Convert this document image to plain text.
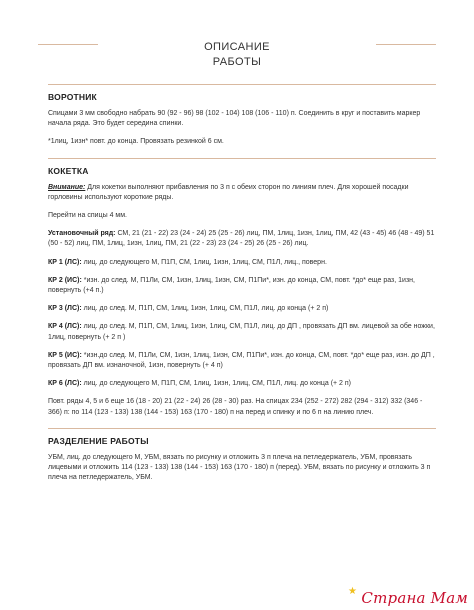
ОПИСАНИЕ
РАБОТЫ
ВОРОТНИК
Спицами 3 мм свободно набрать 90 (92 - 96) 98 (102 - 104) 108 (106 - 110) п. Соединить в круг и поставить маркер начала ряда. Это будет середина спинки.
*1лиц, 1изн* повт. до конца. Провязать резинкой 6 см.
КОКЕТКА
Внимание: Для кокетки выполняют прибавления по 3 п с обеих сторон по линиям плеч. Для хорошей посадки горловины используют короткие ряды.
Перейти на спицы 4 мм.
Установочный ряд: СМ, 21 (21 - 22) 23 (24 - 24) 25 (25 - 26) лиц, ПМ, 1лиц, 1изн, 1лиц, ПМ, 42 (43 - 45) 46 (48 - 49) 51 (50 - 52) лиц, ПМ, 1лиц, 1изн, 1лиц, ПМ, 21 (22 - 23) 23 (24 - 25) 26 (25 - 26) лиц.
КР 1 (ЛС): лиц. до следующего М, П1П, СМ, 1лиц, 1изн, 1лиц, СМ, П1Л, лиц., поверн.
КР 2 (ИС): *изн. до след. М, П1Ли, СМ, 1изн, 1лиц, 1изн, СМ, П1Пи*, изн. до конца, СМ, повт. *до* еще раз, 1изн, повернуть (+4 п.)
КР 3 (ЛС): лиц. до след. М, П1П, СМ, 1лиц, 1изн, 1лиц, СМ, П1Л, лиц. до конца (+ 2 п)
КР 4 (ЛС): лиц. до след. М, П1П, СМ, 1лиц, 1изн, 1лиц, СМ, П1Л, лиц. до ДП , провязать ДП вм. лицевой за обе ножки, 1лиц, повернуть (+ 2 п )
КР 5 (ИС): *изн.до след. М, П1Ли, СМ, 1изн, 1лиц, 1изн, СМ, П1Пи*, изн. до конца, СМ, повт. *до* еще раз, изн. до ДП , провязать ДП вм. изнаночной, 1изн, повернуть (+ 4 п)
КР 6 (ЛС): лиц. до следующего М, П1П, СМ, 1лиц, 1изн, 1лиц, СМ, П1Л, лиц. до конца (+ 2 п)
Повт. ряды 4, 5 и 6 еще 16 (18 - 20) 21 (22 - 24) 26 (28 - 30) раз. На спицах 234 (252 - 272) 282 (294 - 312) 332 (346 - 366) п: по 114 (123 - 133) 138 (144 - 153) 163 (170 - 180) п на перед и спинку и по 6 п на линию плеч.
РАЗДЕЛЕНИЕ РАБОТЫ
УБМ, лиц. до следующего М, УБМ, вязать по рисунку и отложить 3 п плеча на петледержатель, УБМ, провязать лицевыми и отложить 114 (123 - 133) 138 (144 - 153) 163 (170 - 180) п (перед). УБМ, вязать по рисунку и отложить 3 п плеча на петледержатель, УБМ.
★ Страна Мам
